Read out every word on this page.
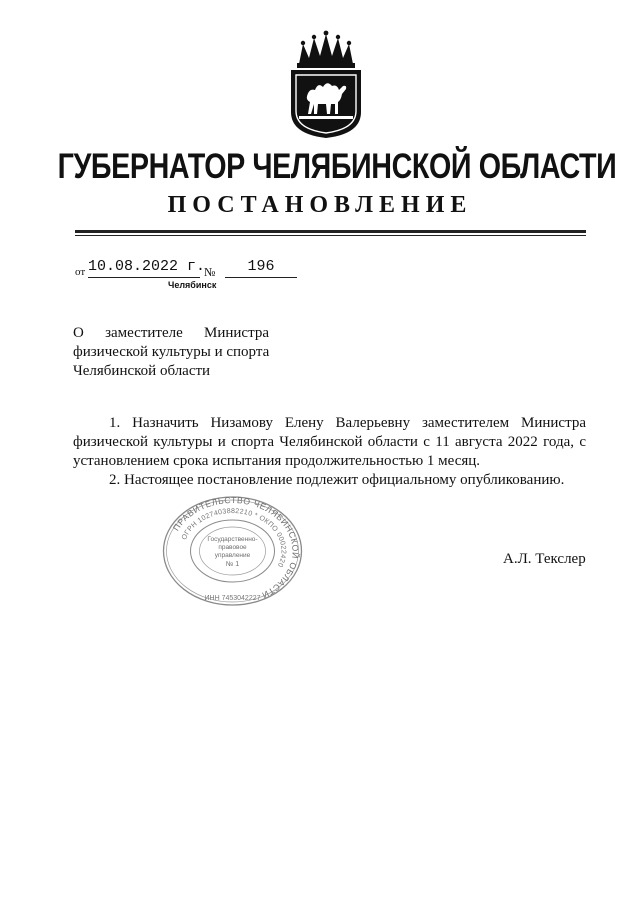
ГУБЕРНАТОР ЧЕЛЯБИНСКОЙ ОБЛАСТИ
ПОСТАНОВЛЕНИЕ
от 10.08.2022 г.
№	196
Челябинск
О заместителе Министра
физической культуры и спорта
Челябинской области

1. Назначить Низамову Елену Валерьевну заместителем Министра физической культуры и спорта Челябинской области с 11 августа 2022 года, с установлением срока испытания продолжительностью 1 месяц.

2. Настоящее постановление подлежит официальному опубликованию.

ПРАВИТЕЛЬСТВО ЧЕЛЯБИНСКОЙ ОБЛАСТИ
ОГРН 1027403882210 * ОКПО 00022420
ИНН 7453042227
Государственно-
правовое
управление
№ 1	А.Л. Текслер
